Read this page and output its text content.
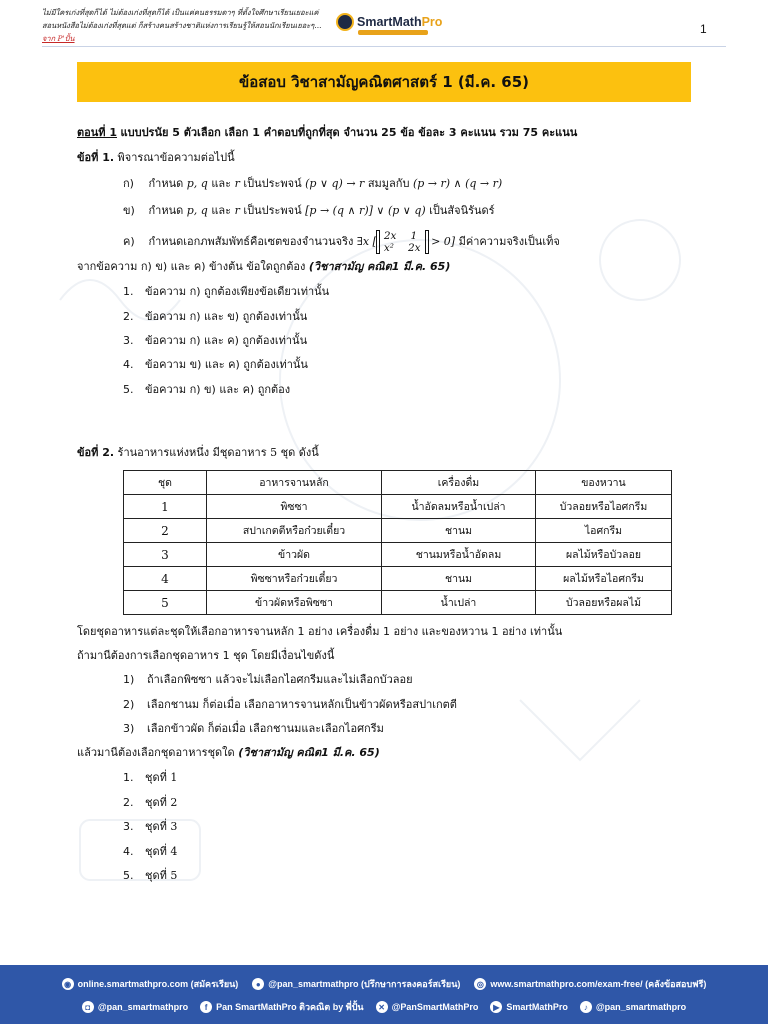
ไม่มีใครเก่งที่สุดก็ได้ ไม่ต้องเก่งที่สุดก็ได้ เป็นแค่คนธรรมดาๆ ที่ตั้งใจศึกษาเรียนเยอะแค่
สอนหนังสือไม่ต้องเก่งที่สุดแต่ ก็สร้างคนสร้างชาติแห่งการเรียนรู้ให้สอนนักเรียนเยอะๆ... จาก P'ปั้น
SmartMathPro	1
ข้อสอบ วิชาสามัญคณิตศาสตร์ 1 (มี.ค. 65)
ตอนที่ 1 แบบปรนัย 5 ตัวเลือก เลือก 1 คำตอบที่ถูกที่สุด จำนวน 25 ข้อ ข้อละ 3 คะแนน รวม 75 คะแนน
ข้อที่ 1. พิจารณาข้อความต่อไปนี้
ก) กำหนด p, q และ r เป็นประพจน์ (p ∨ q) → r สมมูลกับ (p → r) ∧ (q → r)
ข) กำหนด p, q และ r เป็นประพจน์ [p → (q ∧ r)] ∨ (p ∨ q) เป็นสัจนิรันดร์
ค) กำหนดเอกภพสัมพัทธ์คือเซตของจำนวนจริง ∃x [ 2x 1
x² 2x > 0] มีค่าความจริงเป็นเท็จ
จากข้อความ ก) ข) และ ค) ข้างต้น ข้อใดถูกต้อง (วิชาสามัญ คณิต1 มี.ค. 65)
1. ข้อความ ก) ถูกต้องเพียงข้อเดียวเท่านั้น
2. ข้อความ ก) และ ข) ถูกต้องเท่านั้น
3. ข้อความ ก) และ ค) ถูกต้องเท่านั้น
4. ข้อความ ข) และ ค) ถูกต้องเท่านั้น
5. ข้อความ ก) ข) และ ค) ถูกต้อง
ข้อที่ 2. ร้านอาหารแห่งหนึ่ง มีชุดอาหาร 5 ชุด ดังนี้
ชุด	อาหารจานหลัก	เครื่องดื่ม	ของหวาน
1	พิซซา	น้ำอัดลมหรือน้ำเปล่า	บัวลอยหรือไอศกรีม
2	สปาเกตตีหรือก๋วยเตี๋ยว	ชานม	ไอศกรีม
3	ข้าวผัด	ชานมหรือน้ำอัดลม	ผลไม้หรือบัวลอย
4	พิซซาหรือก๋วยเตี๋ยว	ชานม	ผลไม้หรือไอศกรีม
5	ข้าวผัดหรือพิซซา	น้ำเปล่า	บัวลอยหรือผลไม้
โดยชุดอาหารแต่ละชุดให้เลือกอาหารจานหลัก 1 อย่าง เครื่องดื่ม 1 อย่าง และของหวาน 1 อย่าง เท่านั้น
ถ้ามานีต้องการเลือกชุดอาหาร 1 ชุด โดยมีเงื่อนไขดังนี้
1) ถ้าเลือกพิซซา แล้วจะไม่เลือกไอศกรีมและไม่เลือกบัวลอย
2) เลือกชานม ก็ต่อเมื่อ เลือกอาหารจานหลักเป็นข้าวผัดหรือสปาเกตตี
3) เลือกข้าวผัด ก็ต่อเมื่อ เลือกชานมและเลือกไอศกรีม
แล้วมานีต้องเลือกชุดอาหารชุดใด (วิชาสามัญ คณิต1 มี.ค. 65)
1. ชุดที่ 1
2. ชุดที่ 2
3. ชุดที่ 3
4. ชุดที่ 4
5. ชุดที่ 5
◉ online.smartmathpro.com (สมัครเรียน)	● @pan_smartmathpro (ปรึกษาการลงคอร์สเรียน)	◎ www.smartmathpro.com/exam-free/ (คลังข้อสอบฟรี)
◘ @pan_smartmathpro	f Pan SmartMathPro ติวคณิต by พี่ปั้น	✕ @PanSmartMathPro	▶ SmartMathPro	♪ @pan_smartmathpro
